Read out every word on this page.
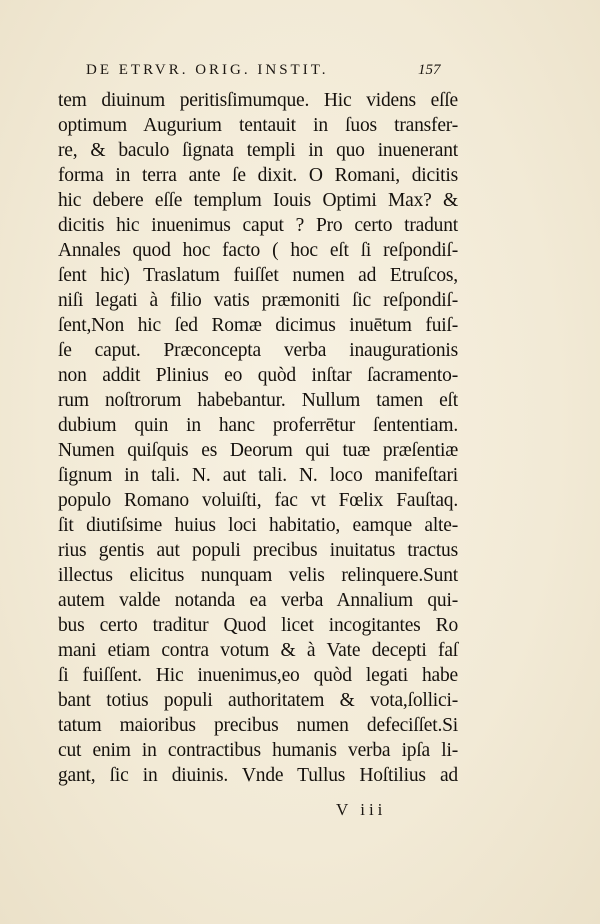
DE ETRVR. ORIG. INSTIT.	157
tem diuinum peritisſimumque. Hic videns eſſe
optimum Augurium tentauit in ſuos transfer-
re, & baculo ſignata templi in quo inuenerant
forma in terra ante ſe dixit. O Romani, dicitis
hic debere eſſe templum Iouis Optimi Max? &
dicitis hic inuenimus caput ? Pro certo tradunt
Annales quod hoc facto ( hoc eſt ſi reſpondiſ-
ſent hic) Traslatum fuiſſet numen ad Etruſcos,
niſi legati à filio vatis præmoniti ſic reſpondiſ-
ſent,Non hic ſed Romæ dicimus inuētum fuiſ-
ſe caput. Præconcepta verba inaugurationis
non addit Plinius eo quòd inſtar ſacramento-
rum noſtrorum habebantur. Nullum tamen eſt
dubium quin in hanc proferrētur ſententiam.
Numen quiſquis es Deorum qui tuæ præſentiæ
ſignum in tali. N. aut tali. N. loco manifeſtari
populo Romano voluiſti, fac vt Fœlix Fauſtaq.
ſit diutiſsime huius loci habitatio, eamque alte-
rius gentis aut populi precibus inuitatus tractus
illectus elicitus nunquam velis relinquere.Sunt
autem valde notanda ea verba Annalium qui-
bus certo traditur Quod licet incogitantes Ro
mani etiam contra votum & à Vate decepti faſ
ſi fuiſſent. Hic inuenimus,eo quòd legati habe
bant totius populi authoritatem & vota,ſollici-
tatum maioribus precibus numen defeciſſet.Si
cut enim in contractibus humanis verba ipſa li-
gant, ſic in diuinis. Vnde Tullus Hoſtilius ad
V iii
